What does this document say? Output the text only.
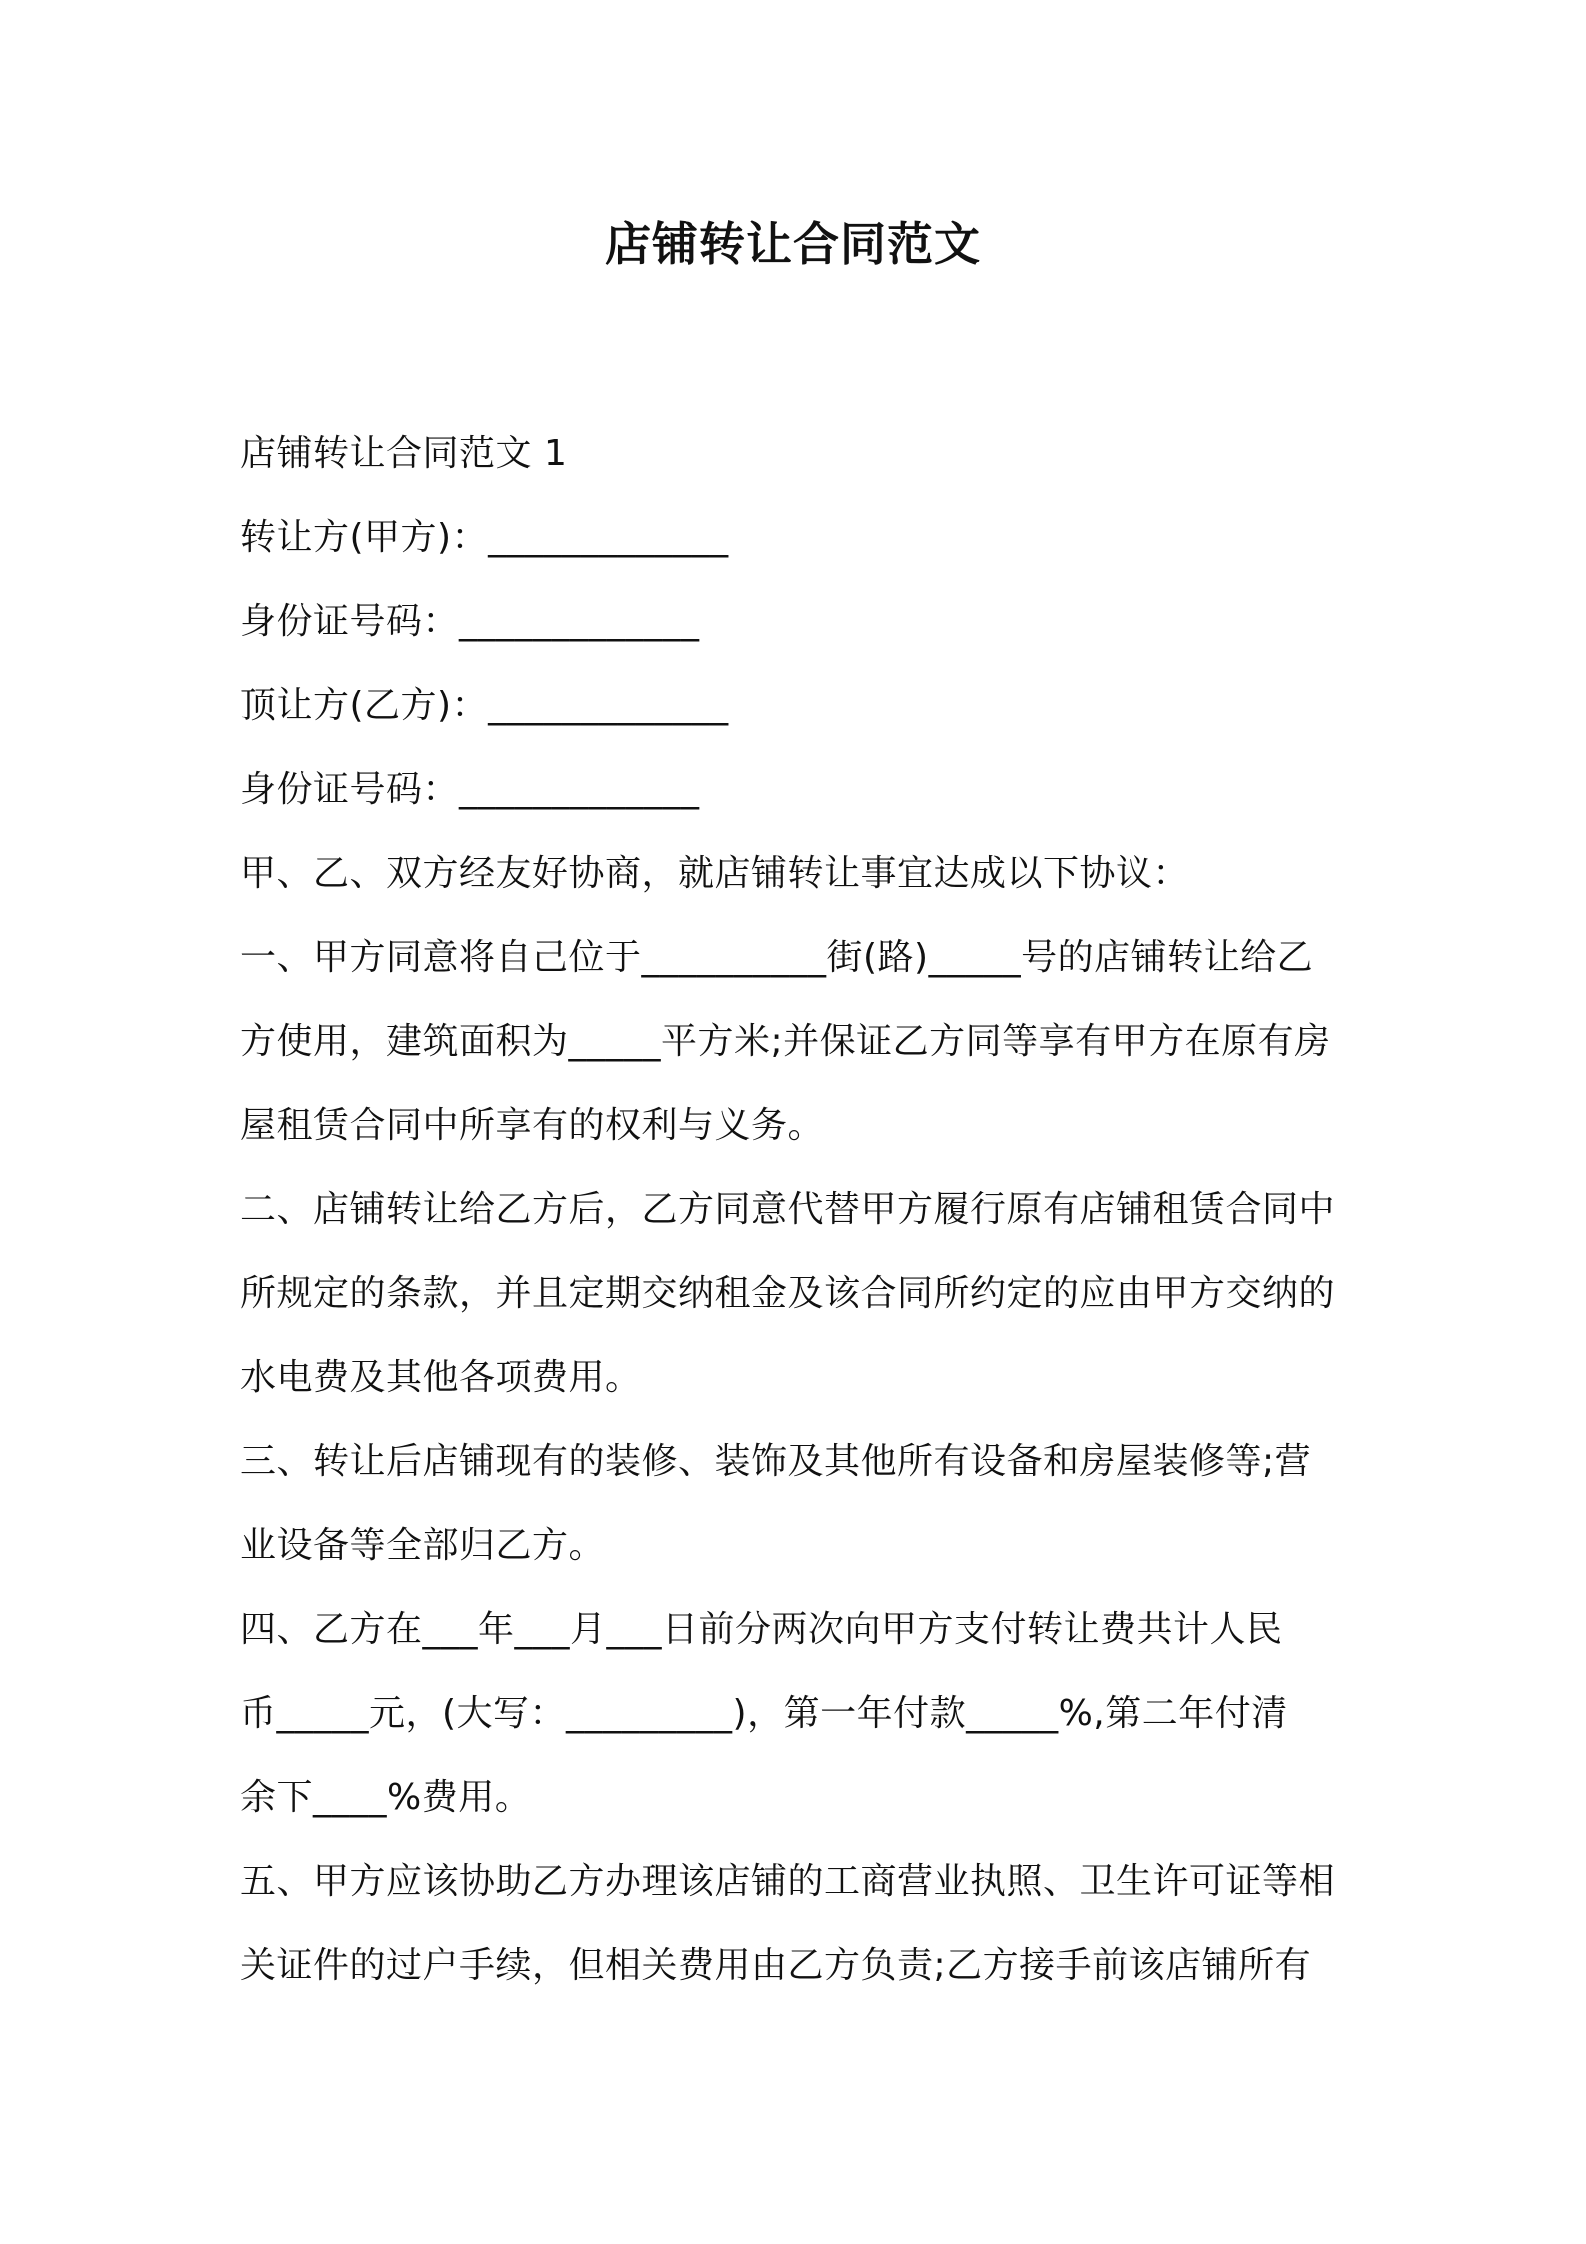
店铺转让合同范文
店铺转让合同范文 1
转让方(甲方)：_____________
身份证号码：_____________
顶让方(乙方)：_____________
身份证号码：_____________
甲、乙、双方经友好协商，就店铺转让事宜达成以下协议：
一、甲方同意将自己位于__________街(路)_____号的店铺转让给乙
方使用，建筑面积为_____平方米;并保证乙方同等享有甲方在原有房
屋租赁合同中所享有的权利与义务。
二、店铺转让给乙方后，乙方同意代替甲方履行原有店铺租赁合同中
所规定的条款，并且定期交纳租金及该合同所约定的应由甲方交纳的
水电费及其他各项费用。
三、转让后店铺现有的装修、装饰及其他所有设备和房屋装修等;营
业设备等全部归乙方。
四、乙方在___年___月___日前分两次向甲方支付转让费共计人民
币_____元，(大写：_________)，第一年付款_____%,第二年付清
余下____%费用。
五、甲方应该协助乙方办理该店铺的工商营业执照、卫生许可证等相
关证件的过户手续，但相关费用由乙方负责;乙方接手前该店铺所有
